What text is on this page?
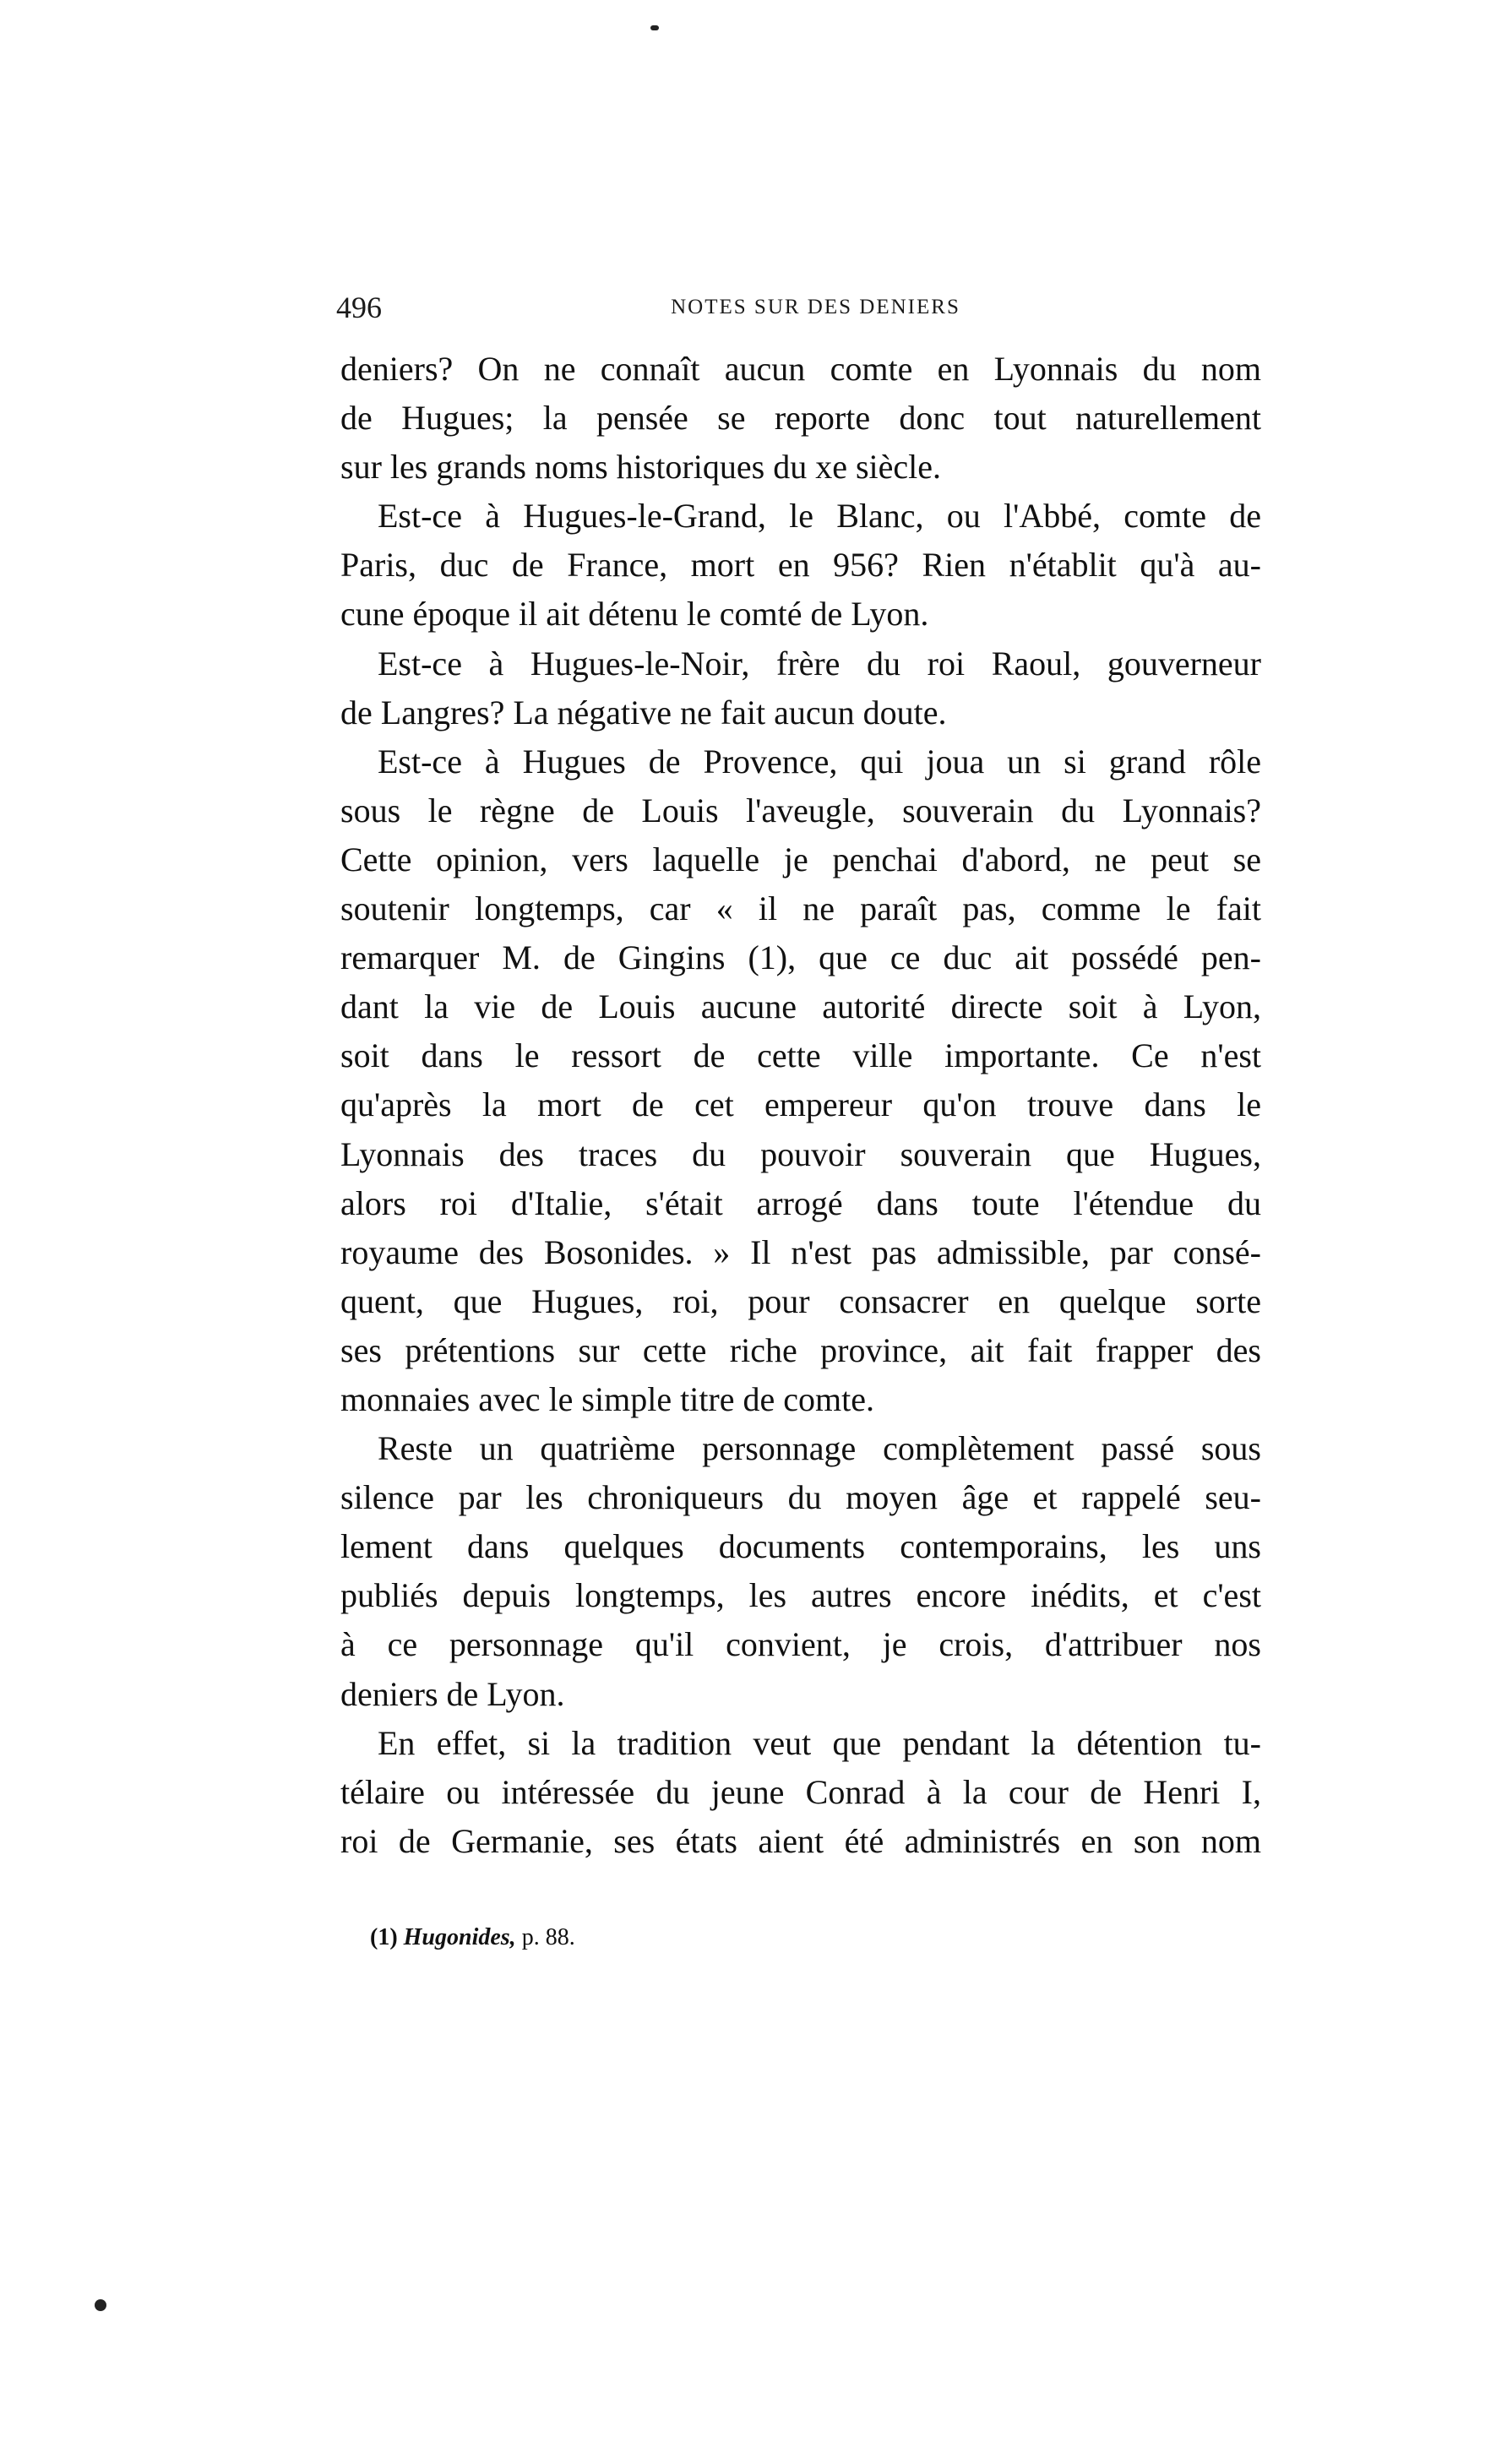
496	NOTES SUR DES DENIERS
deniers? On ne connaît aucun comte en Lyonnais du nom
de Hugues; la pensée se reporte donc tout naturellement
sur les grands noms historiques du xe siècle.
Est-ce à Hugues-le-Grand, le Blanc, ou l'Abbé, comte de
Paris, duc de France, mort en 956? Rien n'établit qu'à au-
cune époque il ait détenu le comté de Lyon.
Est-ce à Hugues-le-Noir, frère du roi Raoul, gouverneur
de Langres? La négative ne fait aucun doute.
Est-ce à Hugues de Provence, qui joua un si grand rôle
sous le règne de Louis l'aveugle, souverain du Lyonnais?
Cette opinion, vers laquelle je penchai d'abord, ne peut se
soutenir longtemps, car « il ne paraît pas, comme le fait
remarquer M. de Gingins (1), que ce duc ait possédé pen-
dant la vie de Louis aucune autorité directe soit à Lyon,
soit dans le ressort de cette ville importante. Ce n'est
qu'après la mort de cet empereur qu'on trouve dans le
Lyonnais des traces du pouvoir souverain que Hugues,
alors roi d'Italie, s'était arrogé dans toute l'étendue du
royaume des Bosonides. » Il n'est pas admissible, par consé-
quent, que Hugues, roi, pour consacrer en quelque sorte
ses prétentions sur cette riche province, ait fait frapper des
monnaies avec le simple titre de comte.
Reste un quatrième personnage complètement passé sous
silence par les chroniqueurs du moyen âge et rappelé seu-
lement dans quelques documents contemporains, les uns
publiés depuis longtemps, les autres encore inédits, et c'est
à ce personnage qu'il convient, je crois, d'attribuer nos
deniers de Lyon.
En effet, si la tradition veut que pendant la détention tu-
télaire ou intéressée du jeune Conrad à la cour de Henri I,
roi de Germanie, ses états aient été administrés en son nom
(1) Hugonides, p. 88.
